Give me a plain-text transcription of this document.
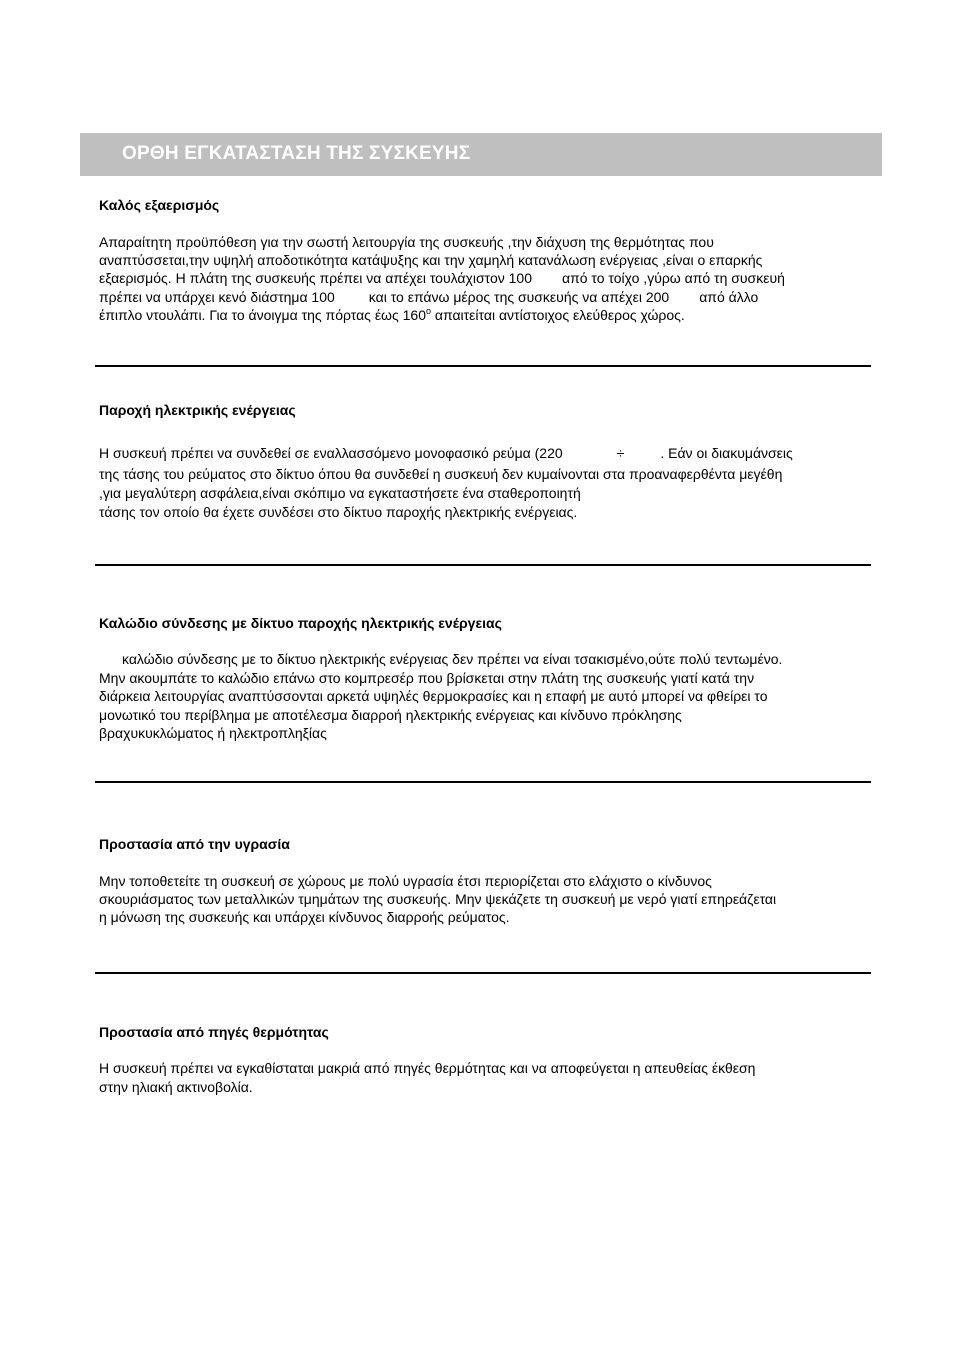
ΟΡΘΗ ΕΓΚΑΤΑΣΤΑΣΗ ΤΗΣ ΣΥΣΚΕΥΗΣ
Καλός εξαερισμός
Απαραίτητη προϋπόθεση για την σωστή λειτουργία της συσκευής ,την διάχυση της θερμότητας που
αναπτύσσεται,την υψηλή αποδοτικότητα κατάψυξης και την χαμηλή κατανάλωση ενέργειας ,είναι ο επαρκής
εξαερισμός. Η πλάτη της συσκευής πρέπει να απέχει τουλάχιστον 100 από το τοίχο ,γύρω από τη συσκευή
πρέπει να υπάρχει κενό διάστημα 100 και το επάνω μέρος της συσκευής να απέχει 200 από άλλο
έπιπλο ντουλάπι. Για το άνοιγμα της πόρτας έως $160^o$ απαιτείται αντίστοιχος ελεύθερος χώρος.
Παροχή ηλεκτρικής ενέργειας
Η συσκευή πρέπει να συνδεθεί σε εναλλασσόμενο μονοφασικό ρεύμα (220	÷	. Εάν οι διακυμάνσεις
της τάσης του ρεύματος στο δίκτυο όπου θα συνδεθεί η συσκευή δεν κυμαίνονται στα προαναφερθέντα μεγέθη
,για μεγαλύτερη ασφάλεια,είναι σκόπιμο να εγκαταστήσετε ένα σταθεροποιητή
τάσης τον οποίο θα έχετε συνδέσει στο δίκτυο παροχής ηλεκτρικής ενέργειας.
Καλώδιο σύνδεσης με δίκτυο παροχής ηλεκτρικής ενέργειας
καλώδιο σύνδεσης με το δίκτυο ηλεκτρικής ενέργειας δεν πρέπει να είναι τσακισμένο,ούτε πολύ τεντωμένο.
Μην ακουμπάτε το καλώδιο επάνω στο κομπρεσέρ που βρίσκεται στην πλάτη της συσκευής γιατί κατά την
διάρκεια λειτουργίας αναπτύσσονται αρκετά υψηλές θερμοκρασίες και η επαφή με αυτό μπορεί να φθείρει το
μονωτικό του περίβλημα με αποτέλεσμα διαρροή ηλεκτρικής ενέργειας και κίνδυνο πρόκλησης
βραχυκυκλώματος ή ηλεκτροπληξίας
Προστασία από την υγρασία
Μην τοποθετείτε τη συσκευή σε χώρους με πολύ υγρασία έτσι περιορίζεται στο ελάχιστο ο κίνδυνος
σκουριάσματος των μεταλλικών τμημάτων της συσκευής. Μην ψεκάζετε τη συσκευή με νερό γιατί επηρεάζεται
η μόνωση της συσκευής και υπάρχει κίνδυνος διαρροής ρεύματος.
Προστασία από πηγές θερμότητας
Η συσκευή πρέπει να εγκαθίσταται μακριά από πηγές θερμότητας και να αποφεύγεται η απευθείας έκθεση
στην ηλιακή ακτινοβολία.
